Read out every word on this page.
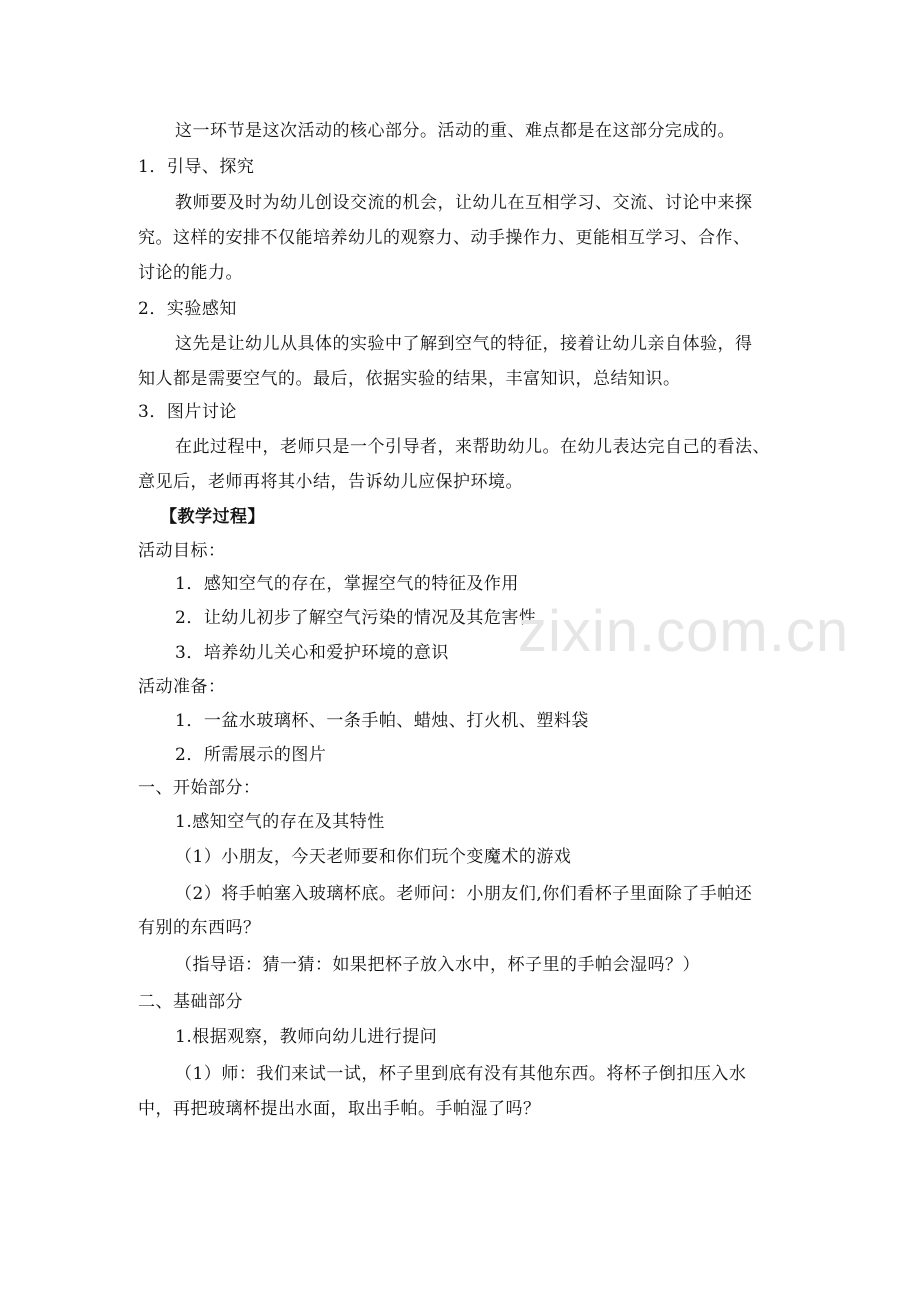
这一环节是这次活动的核心部分。活动的重、难点都是在这部分完成的。
1．引导、探究
教师要及时为幼儿创设交流的机会，让幼儿在互相学习、交流、讨论中来探
究。这样的安排不仅能培养幼儿的观察力、动手操作力、更能相互学习、合作、
讨论的能力。
2．实验感知
这先是让幼儿从具体的实验中了解到空气的特征，接着让幼儿亲自体验，得
知人都是需要空气的。最后，依据实验的结果，丰富知识，总结知识。
3．图片讨论
在此过程中，老师只是一个引导者，来帮助幼儿。在幼儿表达完自己的看法、
意见后，老师再将其小结，告诉幼儿应保护环境。
【教学过程】
活动目标：
1．感知空气的存在，掌握空气的特征及作用
2．让幼儿初步了解空气污染的情况及其危害性
3．培养幼儿关心和爱护环境的意识
活动准备：
1．一盆水玻璃杯、一条手帕、蜡烛、打火机、塑料袋
2．所需展示的图片
一、开始部分：
1.感知空气的存在及其特性
（1）小朋友，今天老师要和你们玩个变魔术的游戏
（2）将手帕塞入玻璃杯底。老师问：小朋友们,你们看杯子里面除了手帕还
有别的东西吗？
（指导语：猜一猜：如果把杯子放入水中，杯子里的手帕会湿吗？）
二、基础部分
1.根据观察，教师向幼儿进行提问
（1）师：我们来试一试，杯子里到底有没有其他东西。将杯子倒扣压入水
中，再把玻璃杯提出水面，取出手帕。手帕湿了吗？
zixin.com.cn
